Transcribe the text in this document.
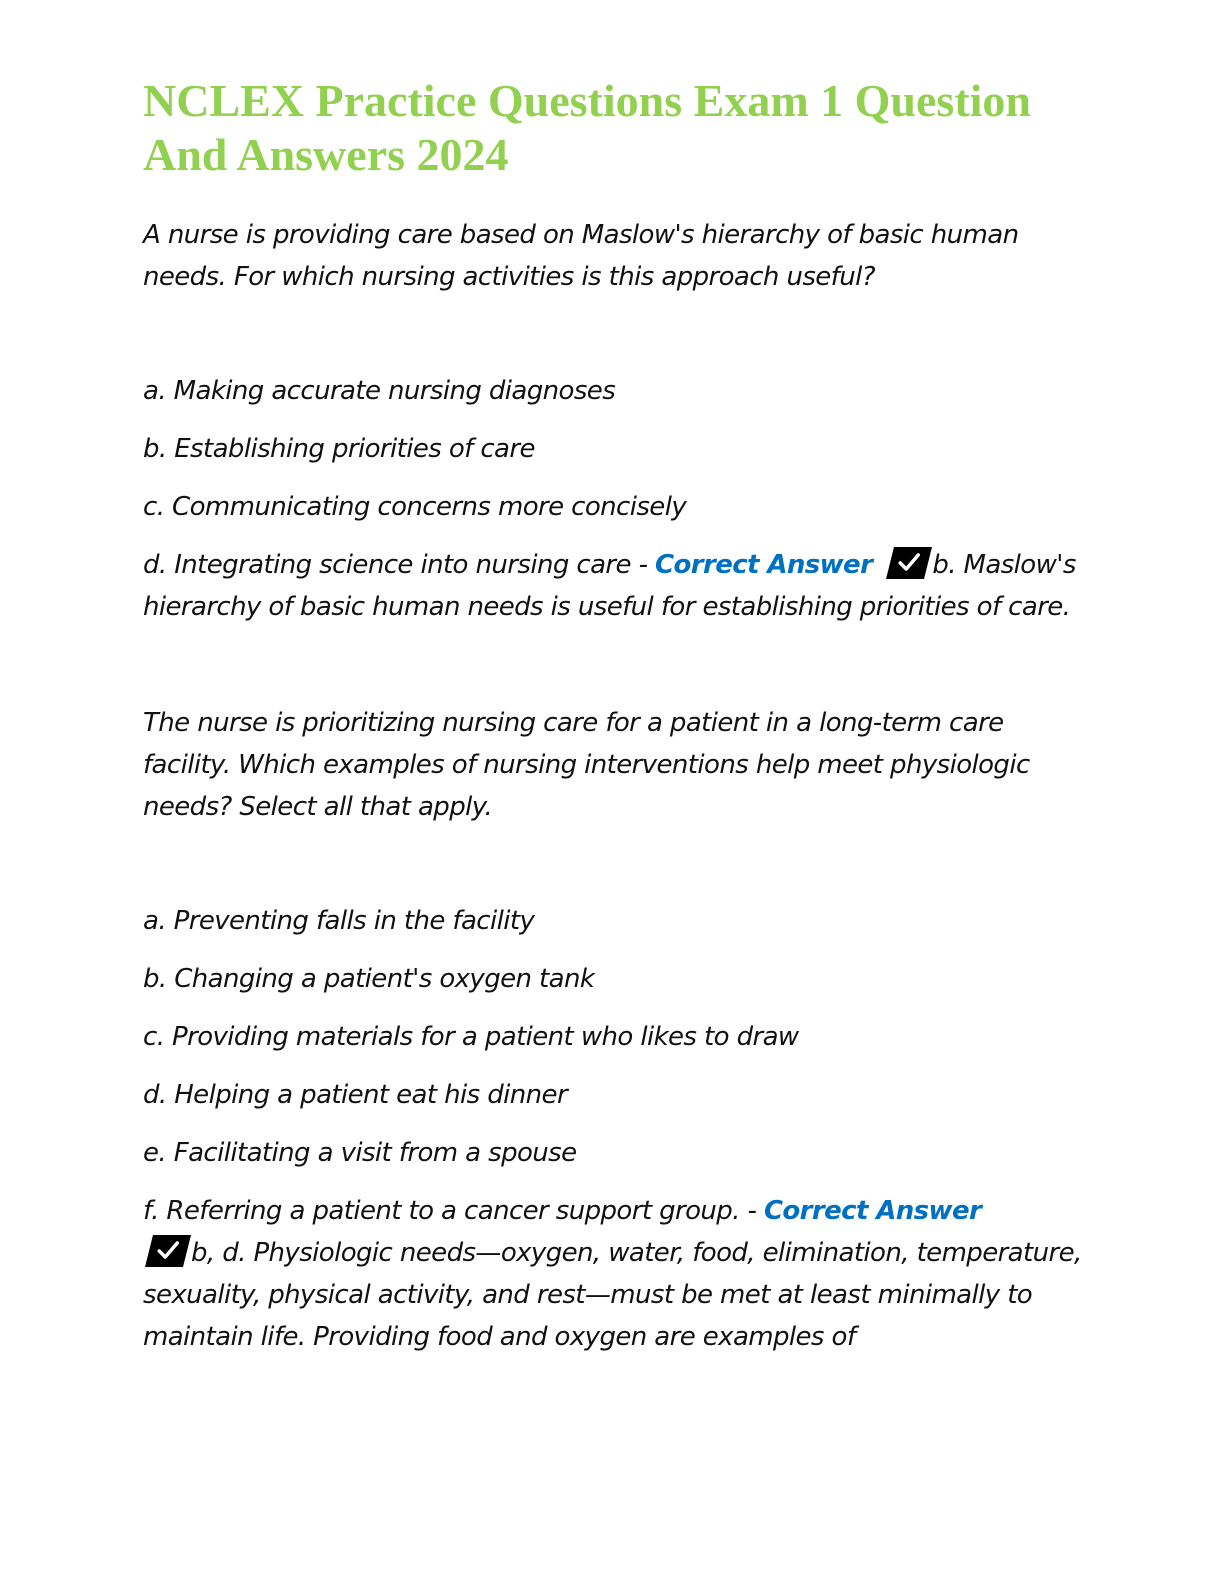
NCLEX Practice Questions Exam 1 Question And Answers 2024

A nurse is providing care based on Maslow's hierarchy of basic human needs. For which nursing activities is this approach useful?

a. Making accurate nursing diagnoses

b. Establishing priorities of care

c. Communicating concerns more concisely

d. Integrating science into nursing care - Correct Answer b. Maslow's hierarchy of basic human needs is useful for establishing priorities of care.

The nurse is prioritizing nursing care for a patient in a long-term care facility. Which examples of nursing interventions help meet physiologic needs? Select all that apply.

a. Preventing falls in the facility

b. Changing a patient's oxygen tank

c. Providing materials for a patient who likes to draw

d. Helping a patient eat his dinner

e. Facilitating a visit from a spouse

f. Referring a patient to a cancer support group. - Correct Answer

b, d. Physiologic needs—oxygen, water, food, elimination, temperature, sexuality, physical activity, and rest—must be met at least minimally to maintain life. Providing food and oxygen are examples of
